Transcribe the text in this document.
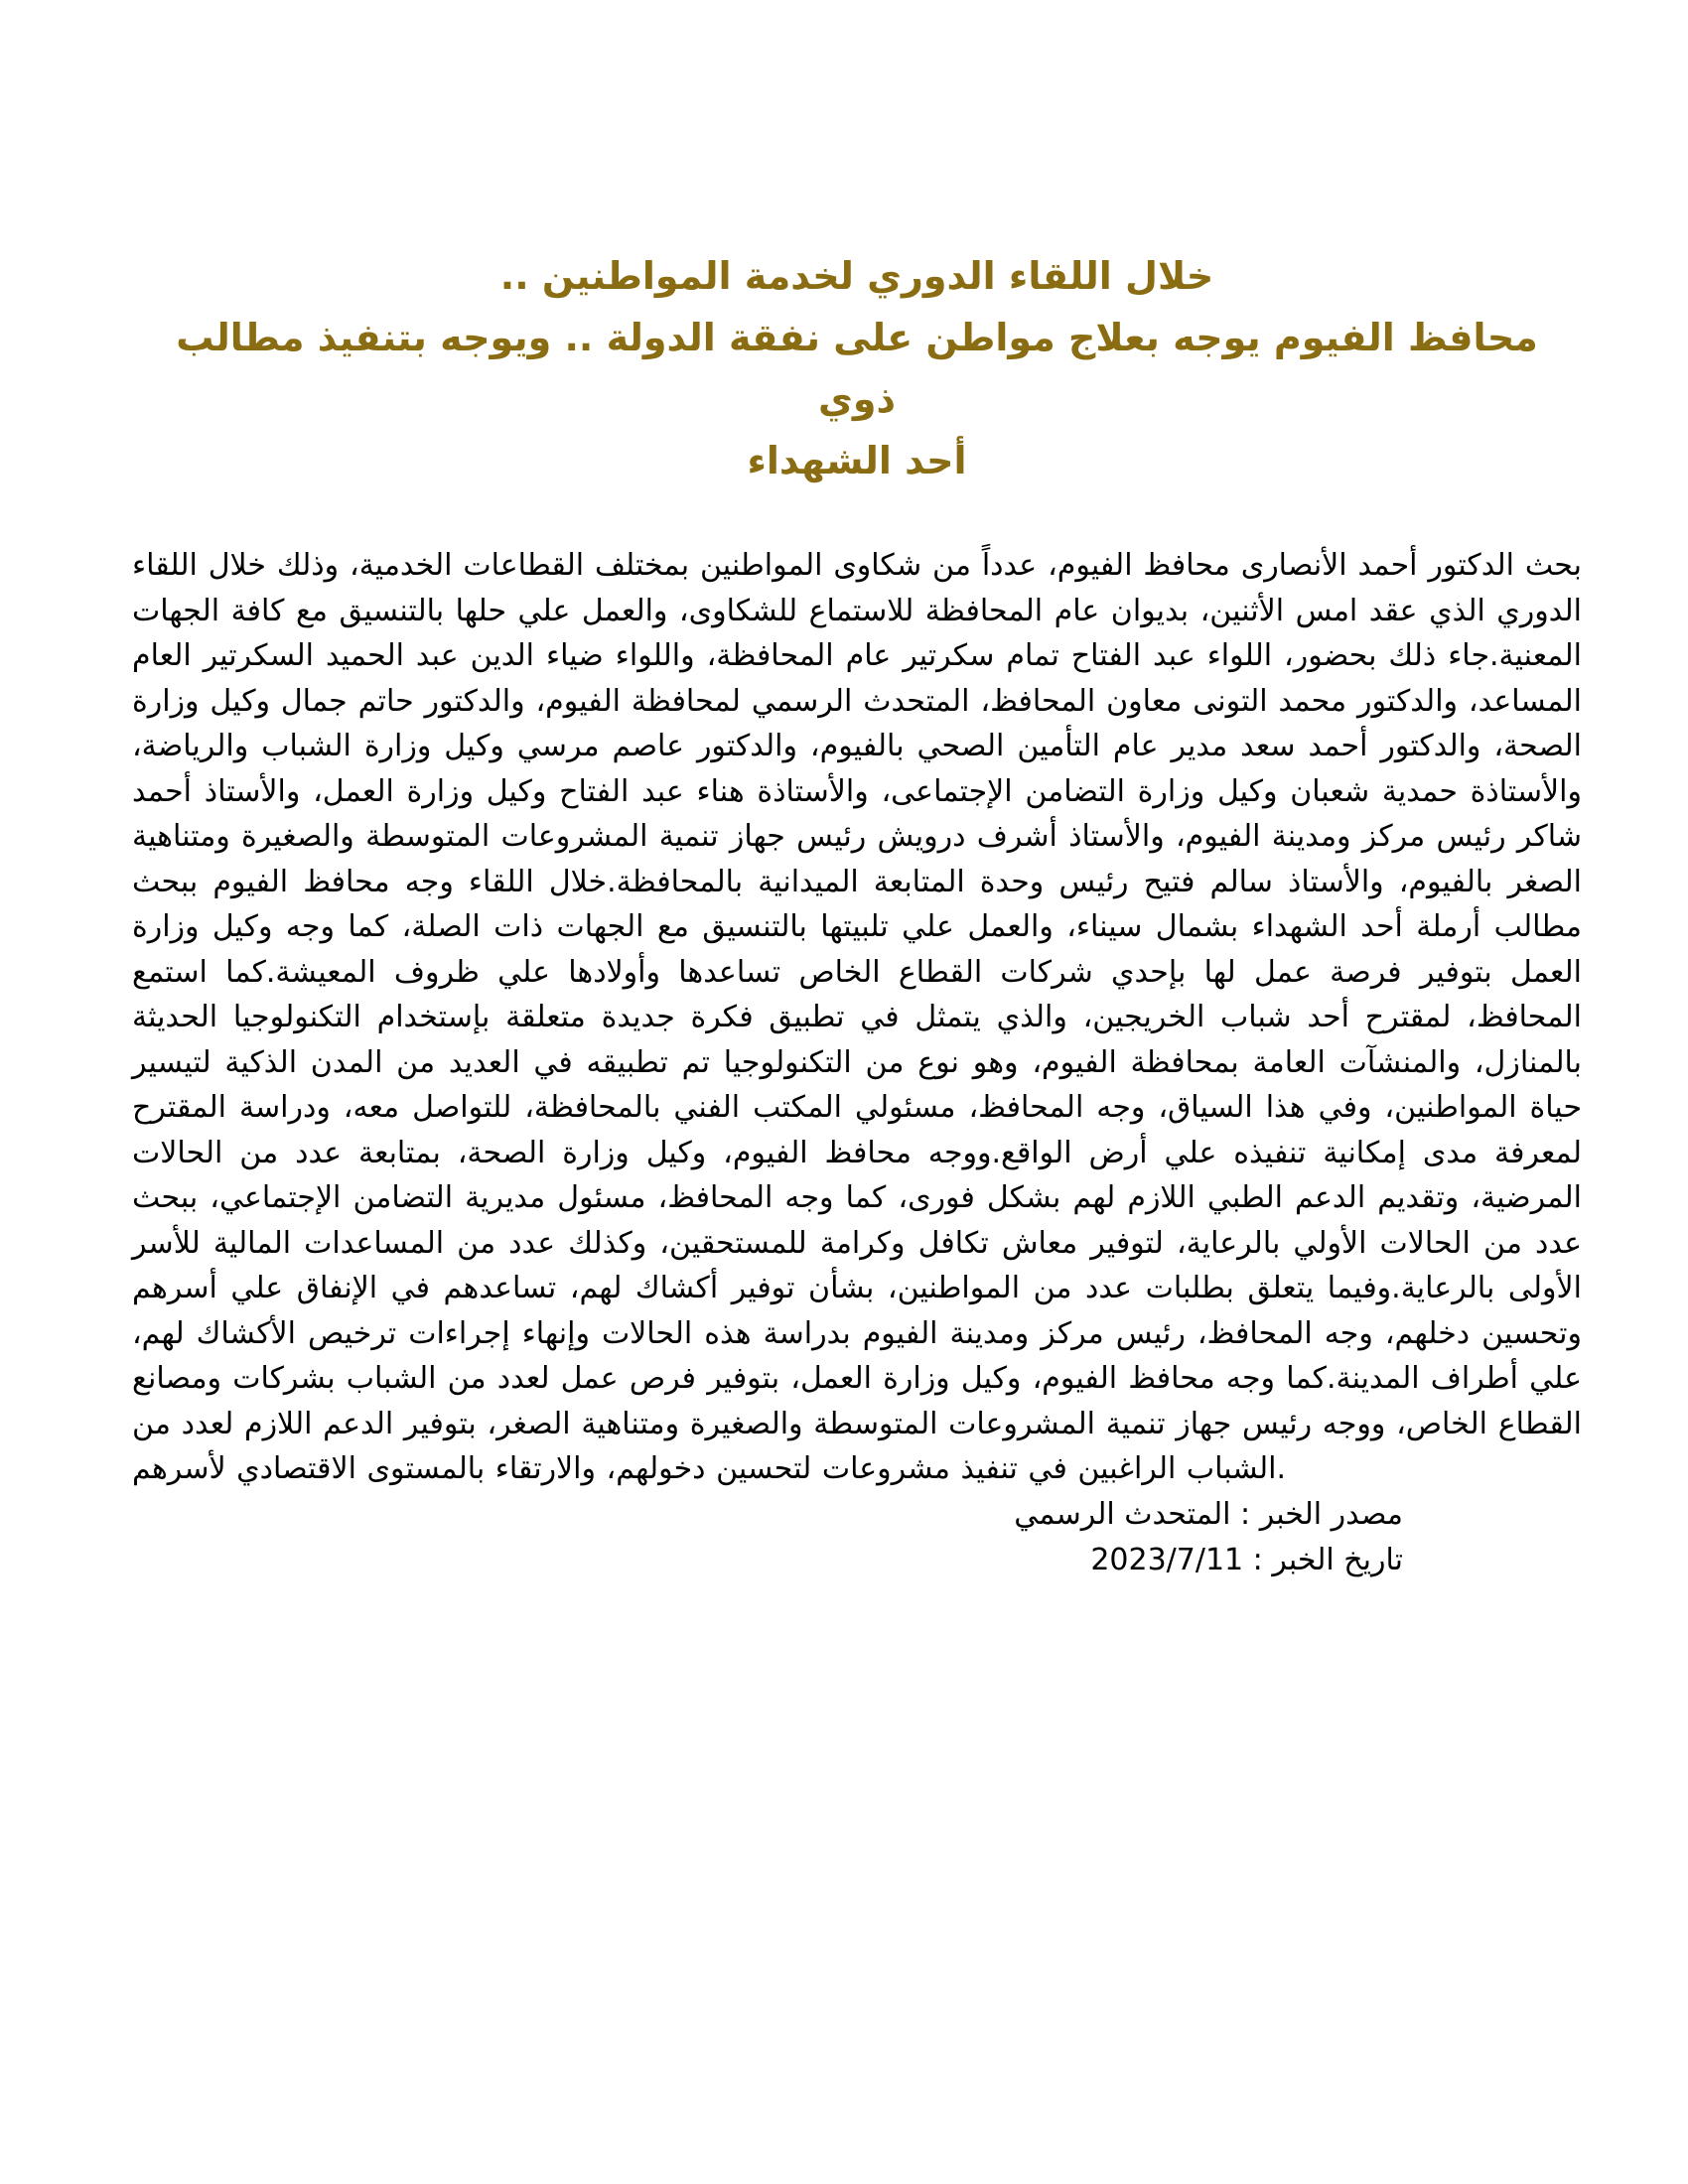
خلال اللقاء الدوري لخدمة المواطنين ..
محافظ الفيوم يوجه بعلاج مواطن على نفقة الدولة .. ويوجه بتنفيذ مطالب ذوي
أحد الشهداء
بحث الدكتور أحمد الأنصارى محافظ الفيوم، عدداً من شكاوى المواطنين بمختلف القطاعات الخدمية، وذلك خلال اللقاء الدوري الذي عقد امس الأثنين، بديوان عام المحافظة للاستماع للشكاوى، والعمل علي حلها بالتنسيق مع كافة الجهات المعنية.جاء ذلك بحضور، اللواء عبد الفتاح تمام سكرتير عام المحافظة، واللواء ضياء الدين عبد الحميد السكرتير العام المساعد، والدكتور محمد التونى معاون المحافظ، المتحدث الرسمي لمحافظة الفيوم، والدكتور حاتم جمال وكيل وزارة الصحة، والدكتور أحمد سعد مدير عام التأمين الصحي بالفيوم، والدكتور عاصم مرسي وكيل وزارة الشباب والرياضة، والأستاذة حمدية شعبان وكيل وزارة التضامن الإجتماعى، والأستاذة هناء عبد الفتاح وكيل وزارة العمل، والأستاذ أحمد شاكر رئيس مركز ومدينة الفيوم، والأستاذ أشرف درويش رئيس جهاز تنمية المشروعات المتوسطة والصغيرة ومتناهية الصغر بالفيوم، والأستاذ سالم فتيح رئيس وحدة المتابعة الميدانية بالمحافظة.خلال اللقاء وجه محافظ الفيوم ببحث مطالب أرملة أحد الشهداء بشمال سيناء، والعمل علي تلبيتها بالتنسيق مع الجهات ذات الصلة، كما وجه وكيل وزارة العمل بتوفير فرصة عمل لها بإحدي شركات القطاع الخاص تساعدها وأولادها علي ظروف المعيشة.كما استمع المحافظ، لمقترح أحد شباب الخريجين، والذي يتمثل في تطبيق فكرة جديدة متعلقة بإستخدام التكنولوجيا الحديثة بالمنازل، والمنشآت العامة بمحافظة الفيوم، وهو نوع من التكنولوجيا تم تطبيقه في العديد من المدن الذكية لتيسير حياة المواطنين، وفي هذا السياق، وجه المحافظ، مسئولي المكتب الفني بالمحافظة، للتواصل معه، ودراسة المقترح لمعرفة مدى إمكانية تنفيذه علي أرض الواقع.ووجه محافظ الفيوم، وكيل وزارة الصحة، بمتابعة عدد من الحالات المرضية، وتقديم الدعم الطبي اللازم لهم بشكل فورى، كما وجه المحافظ، مسئول مديرية التضامن الإجتماعي، ببحث عدد من الحالات الأولي بالرعاية، لتوفير معاش تكافل وكرامة للمستحقين، وكذلك عدد من المساعدات المالية للأسر الأولى بالرعاية.وفيما يتعلق بطلبات عدد من المواطنين، بشأن توفير أكشاك لهم، تساعدهم في الإنفاق علي أسرهم وتحسين دخلهم، وجه المحافظ، رئيس مركز ومدينة الفيوم بدراسة هذه الحالات وإنهاء إجراءات ترخيص الأكشاك لهم، علي أطراف المدينة.كما وجه محافظ الفيوم، وكيل وزارة العمل، بتوفير فرص عمل لعدد من الشباب بشركات ومصانع القطاع الخاص، ووجه رئيس جهاز تنمية المشروعات المتوسطة والصغيرة ومتناهية الصغر، بتوفير الدعم اللازم لعدد من الشباب الراغبين في تنفيذ مشروعات لتحسين دخولهم، والارتقاء بالمستوى الاقتصادي لأسرهم.
مصدر الخبر : المتحدث الرسمي
تاريخ الخبر : 2023/7/11
